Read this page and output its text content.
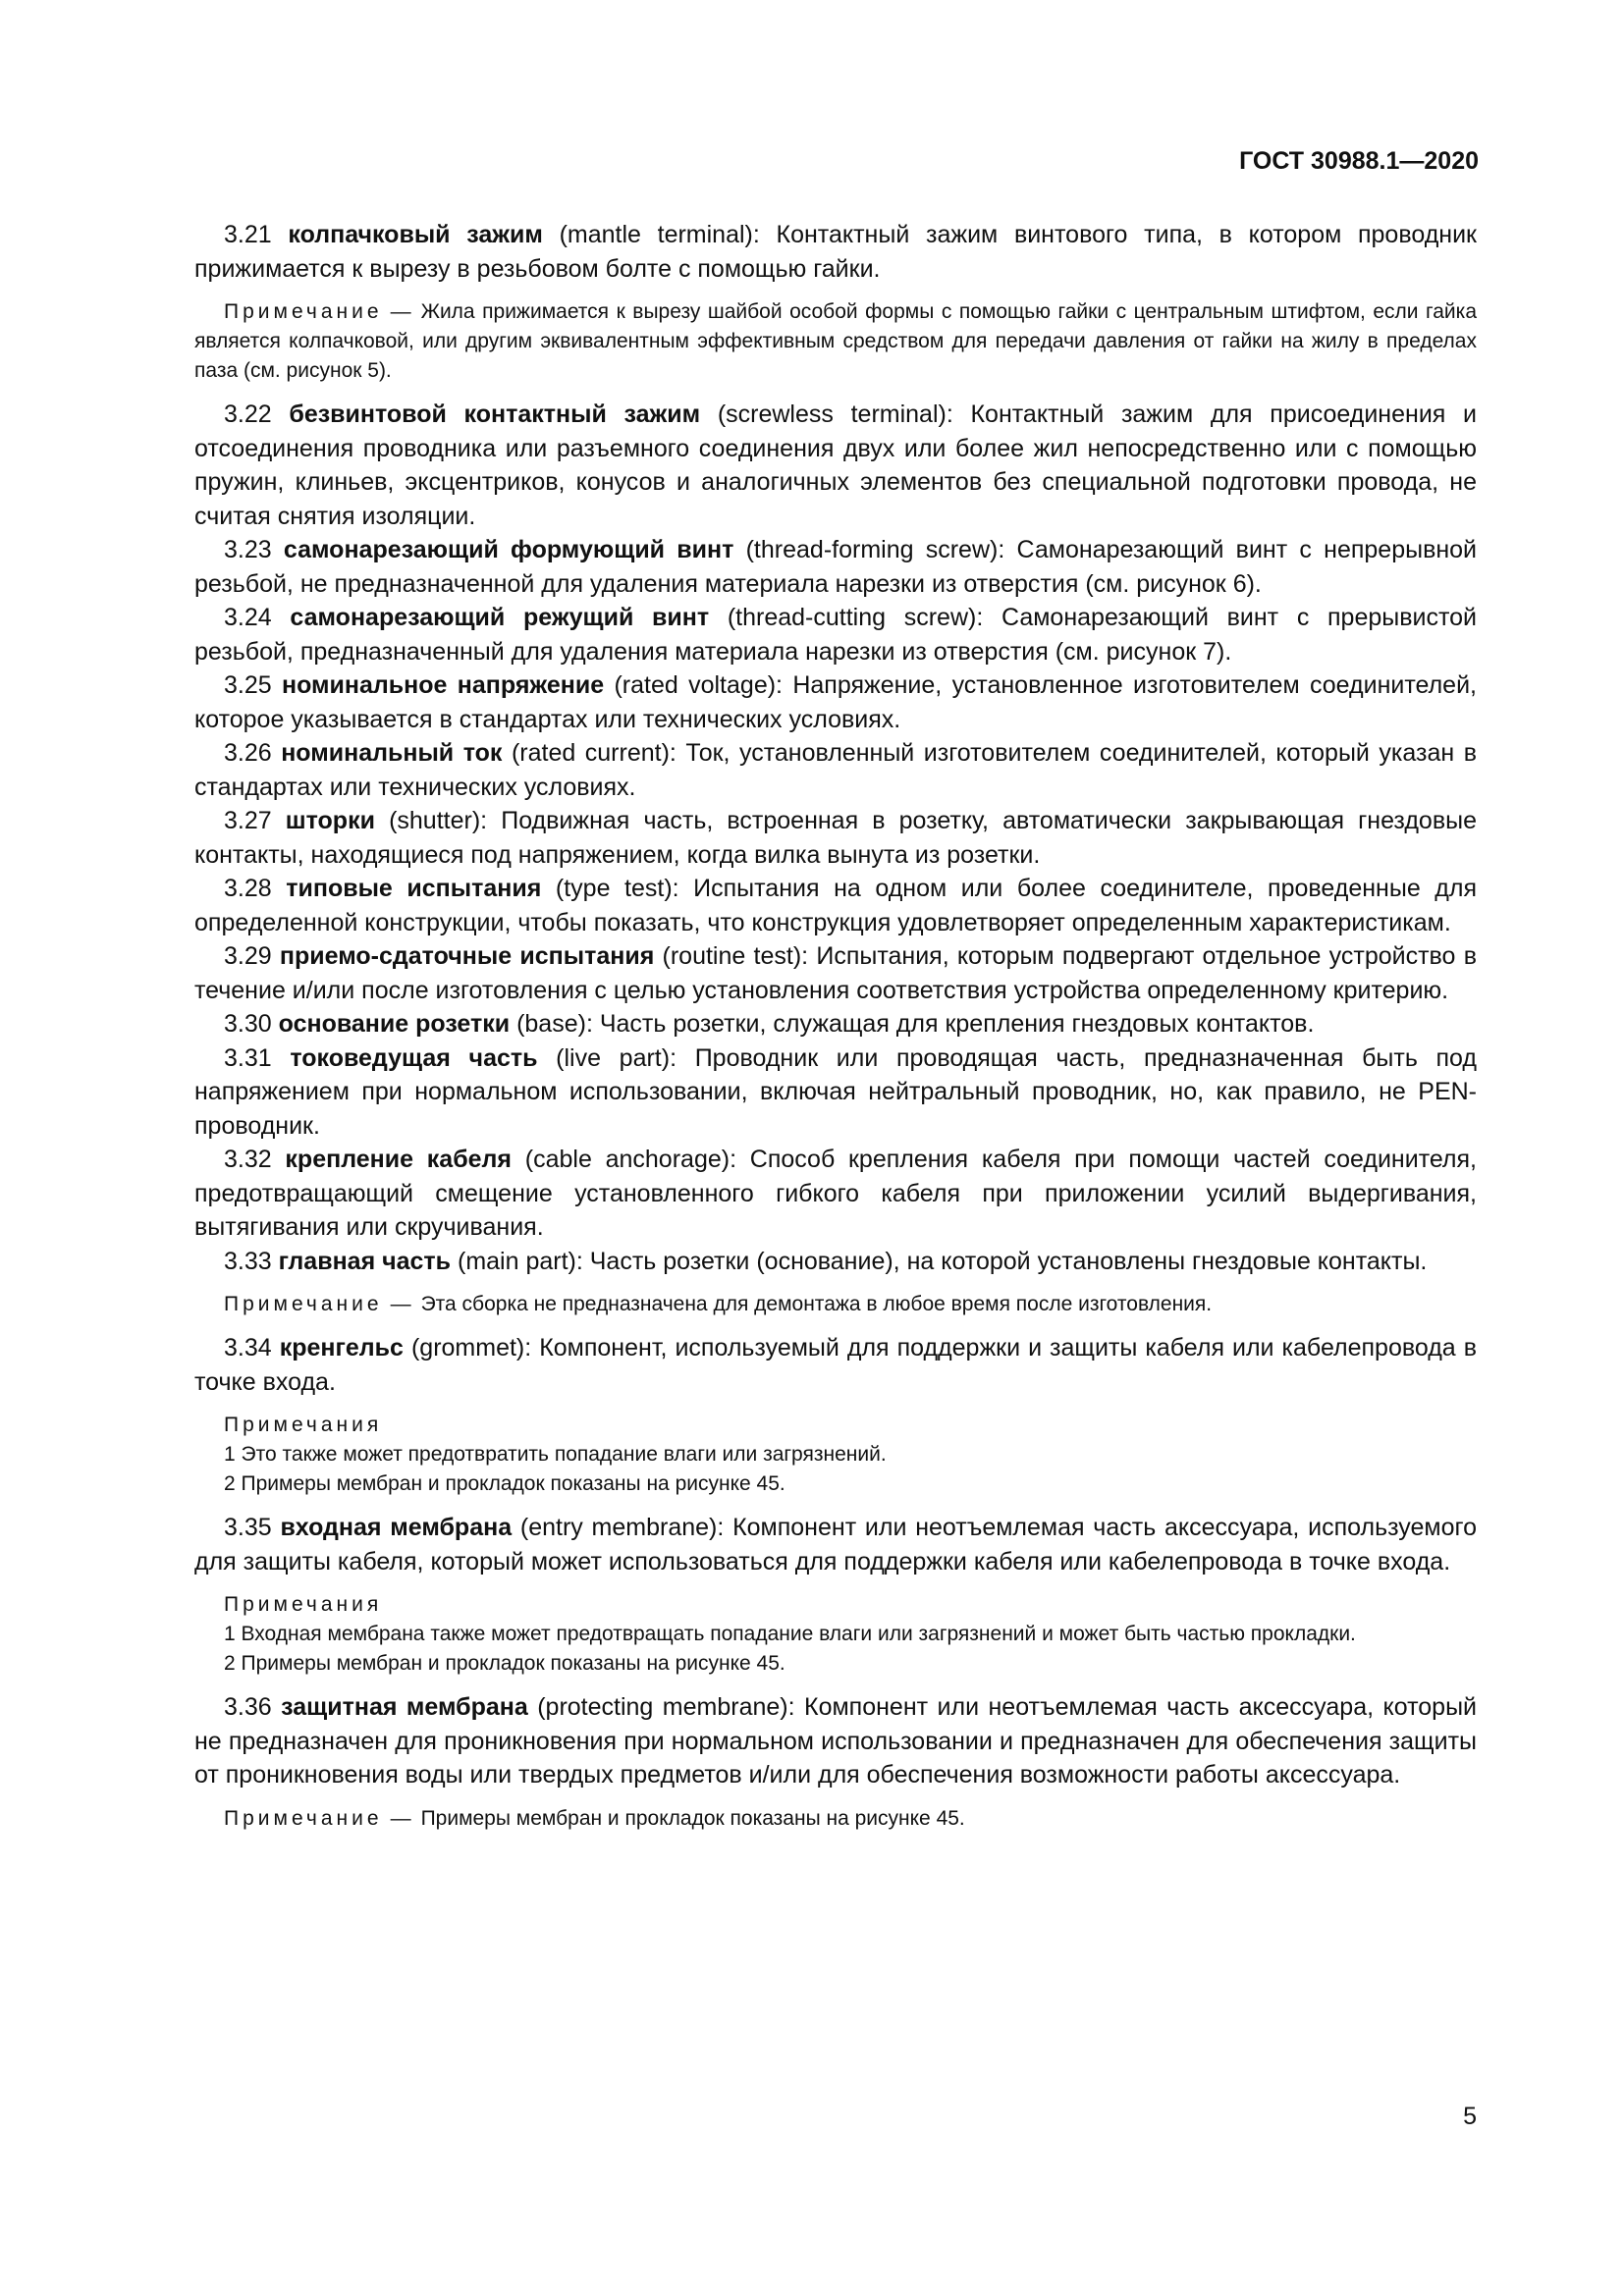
ГОСТ 30988.1—2020

3.21 колпачковый зажим (mantle terminal): Контактный зажим винтового типа, в котором проводник прижимается к вырезу в резьбовом болте с помощью гайки.

Примечание — Жила прижимается к вырезу шайбой особой формы с помощью гайки с центральным штифтом, если гайка является колпачковой, или другим эквивалентным эффективным средством для передачи давления от гайки на жилу в пределах паза (см. рисунок 5).

3.22 безвинтовой контактный зажим (screwless terminal): Контактный зажим для присоединения и отсоединения проводника или разъемного соединения двух или более жил непосредственно или с помощью пружин, клиньев, эксцентриков, конусов и аналогичных элементов без специальной подготовки провода, не считая снятия изоляции.

3.23 самонарезающий формующий винт (thread-forming screw): Самонарезающий винт с непрерывной резьбой, не предназначенной для удаления материала нарезки из отверстия (см. рисунок 6).

3.24 самонарезающий режущий винт (thread-cutting screw): Самонарезающий винт с прерывистой резьбой, предназначенный для удаления материала нарезки из отверстия (см. рисунок 7).

3.25 номинальное напряжение (rated voltage): Напряжение, установленное изготовителем соединителей, которое указывается в стандартах или технических условиях.

3.26 номинальный ток (rated current): Ток, установленный изготовителем соединителей, который указан в стандартах или технических условиях.

3.27 шторки (shutter): Подвижная часть, встроенная в розетку, автоматически закрывающая гнездовые контакты, находящиеся под напряжением, когда вилка вынута из розетки.

3.28 типовые испытания (type test): Испытания на одном или более соединителе, проведенные для определенной конструкции, чтобы показать, что конструкция удовлетворяет определенным характеристикам.

3.29 приемо-сдаточные испытания (routine test): Испытания, которым подвергают отдельное устройство в течение и/или после изготовления с целью установления соответствия устройства определенному критерию.

3.30 основание розетки (base): Часть розетки, служащая для крепления гнездовых контактов.

3.31 токоведущая часть (live part): Проводник или проводящая часть, предназначенная быть под напряжением при нормальном использовании, включая нейтральный проводник, но, как правило, не PEN-проводник.

3.32 крепление кабеля (cable anchorage): Способ крепления кабеля при помощи частей соединителя, предотвращающий смещение установленного гибкого кабеля при приложении усилий выдергивания, вытягивания или скручивания.

3.33 главная часть (main part): Часть розетки (основание), на которой установлены гнездовые контакты.

Примечание — Эта сборка не предназначена для демонтажа в любое время после изготовления.

3.34 кренгельс (grommet): Компонент, используемый для поддержки и защиты кабеля или кабелепровода в точке входа.

Примечания
1 Это также может предотвратить попадание влаги или загрязнений.
2 Примеры мембран и прокладок показаны на рисунке 45.

3.35 входная мембрана (entry membrane): Компонент или неотъемлемая часть аксессуара, используемого для защиты кабеля, который может использоваться для поддержки кабеля или кабелепровода в точке входа.

Примечания
1 Входная мембрана также может предотвращать попадание влаги или загрязнений и может быть частью прокладки.
2 Примеры мембран и прокладок показаны на рисунке 45.

3.36 защитная мембрана (protecting membrane): Компонент или неотъемлемая часть аксессуара, который не предназначен для проникновения при нормальном использовании и предназначен для обеспечения защиты от проникновения воды или твердых предметов и/или для обеспечения возможности работы аксессуара.

Примечание — Примеры мембран и прокладок показаны на рисунке 45.
5
